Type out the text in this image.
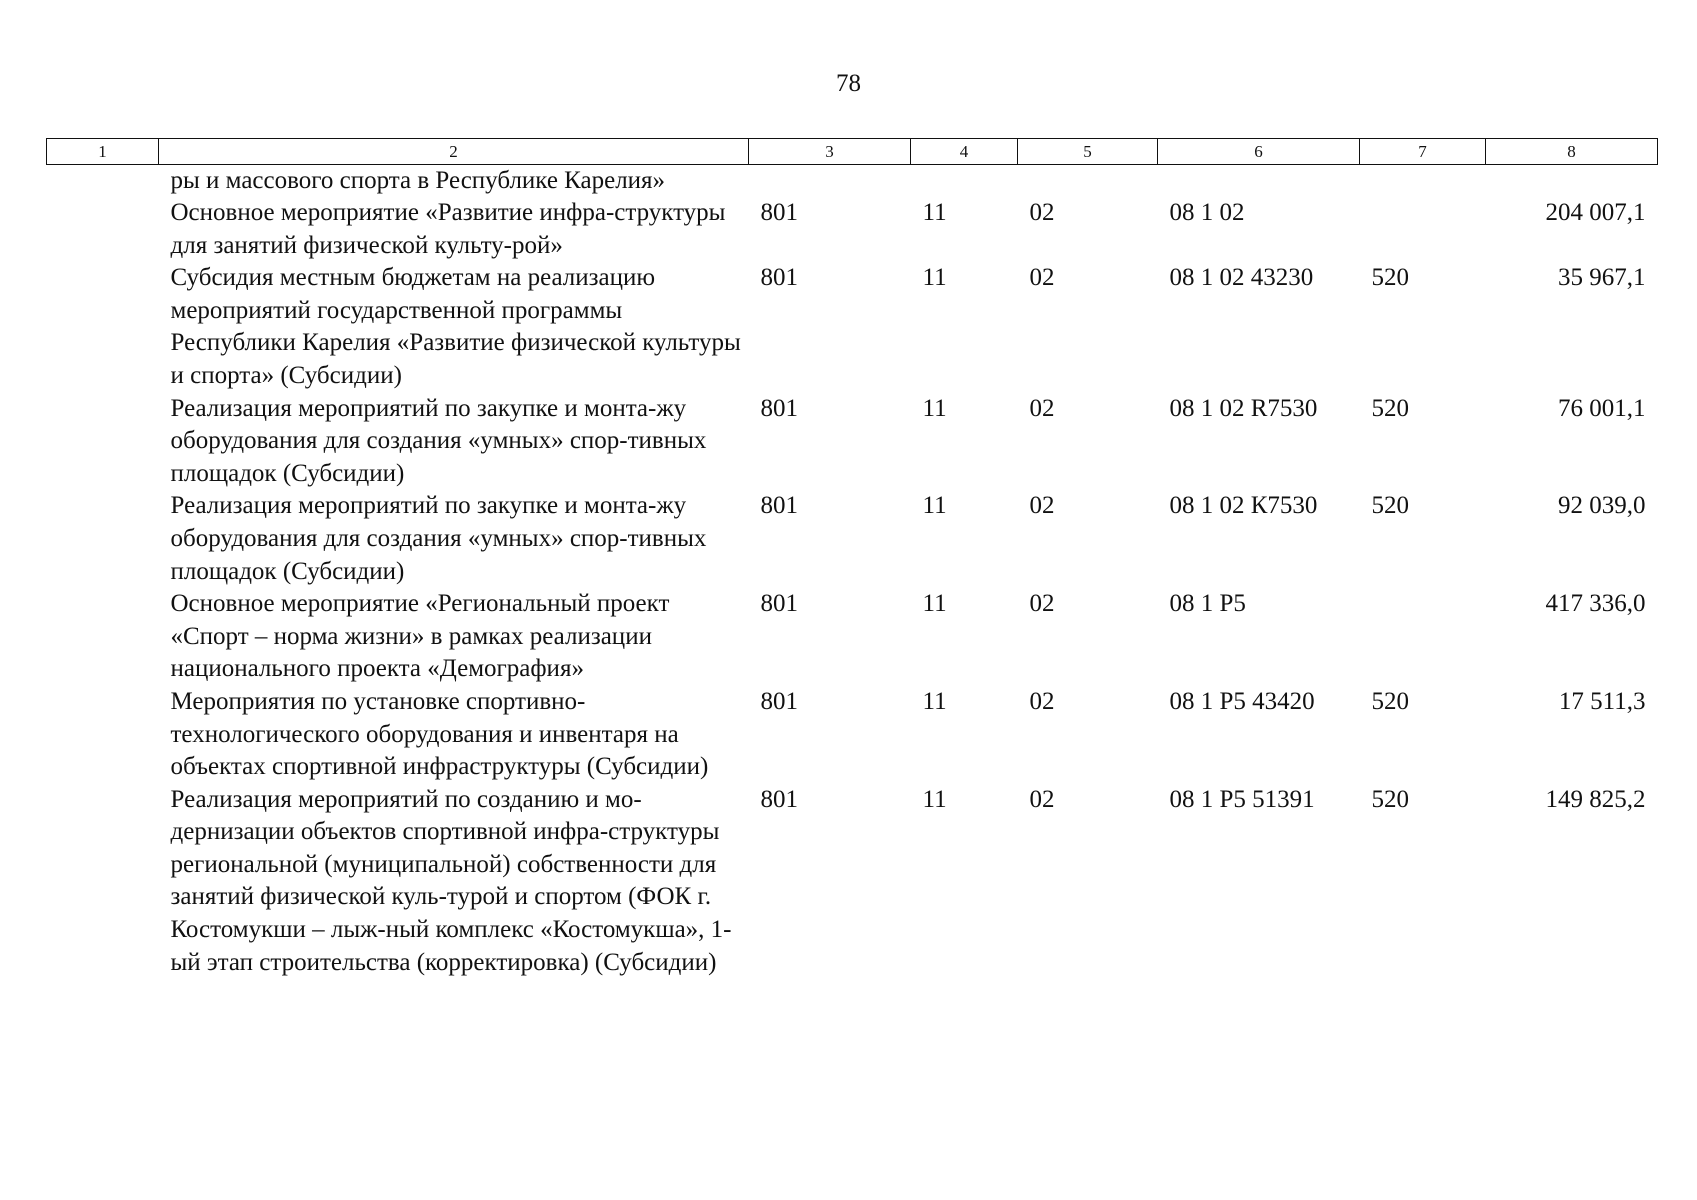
78
1	2	3	4	5	6	7	8
	ры и массового спорта в Республике Карелия»						
	Основное мероприятие «Развитие инфра-структуры для занятий физической культу-рой»	801	11	02	08 1 02		204 007,1
	Субсидия местным бюджетам на реализацию мероприятий государственной программы Республики Карелия «Развитие физической культуры и спорта» (Субсидии)	801	11	02	08 1 02 43230	520	35 967,1
	Реализация мероприятий по закупке и монта-жу оборудования для создания «умных» спор-тивных площадок (Субсидии)	801	11	02	08 1 02 R7530	520	76 001,1
	Реализация мероприятий по закупке и монта-жу оборудования для создания «умных» спор-тивных площадок (Субсидии)	801	11	02	08 1 02 К7530	520	92 039,0
	Основное мероприятие «Региональный проект «Спорт – норма жизни» в рамках реализации национального проекта «Демография»	801	11	02	08 1 P5		417 336,0
	Мероприятия по установке спортивно-технологического оборудования и инвентаря на объектах спортивной инфраструктуры (Субсидии)	801	11	02	08 1 P5 43420	520	17 511,3
	Реализация мероприятий по созданию и мо-дернизации объектов спортивной инфра-структуры региональной (муниципальной) собственности для занятий физической куль-турой и спортом (ФОК г. Костомукши – лыж-ный комплекс «Костомукша», 1-ый этап строительства (корректировка) (Субсидии)	801	11	02	08 1 P5 51391	520	149 825,2
